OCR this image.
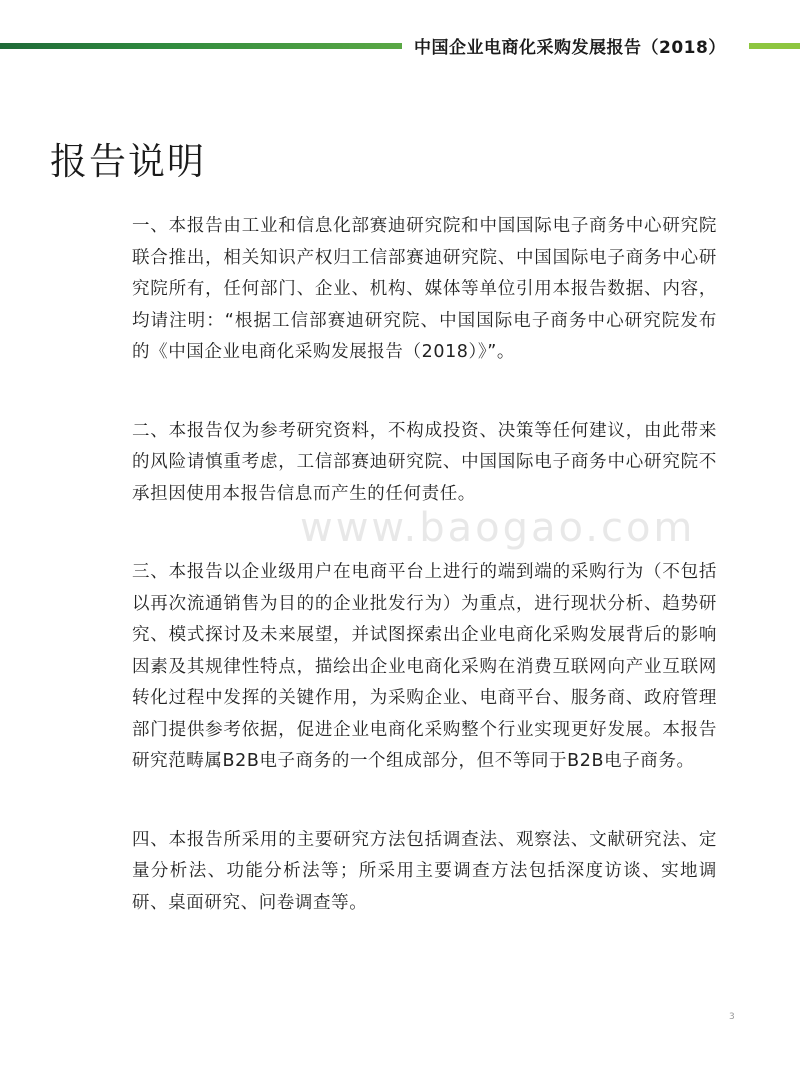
中国企业电商化采购发展报告（2018）
报告说明
www.baogao.com

一、本报告由工业和信息化部赛迪研究院和中国国际电子商务中心研究院联合推出，相关知识产权归工信部赛迪研究院、中国国际电子商务中心研究院所有，任何部门、企业、机构、媒体等单位引用本报告数据、内容，均请注明：“根据工信部赛迪研究院、中国国际电子商务中心研究院发布的《中国企业电商化采购发展报告（2018）》”。

二、本报告仅为参考研究资料，不构成投资、决策等任何建议，由此带来的风险请慎重考虑，工信部赛迪研究院、中国国际电子商务中心研究院不承担因使用本报告信息而产生的任何责任。

三、本报告以企业级用户在电商平台上进行的端到端的采购行为（不包括以再次流通销售为目的的企业批发行为）为重点，进行现状分析、趋势研究、模式探讨及未来展望，并试图探索出企业电商化采购发展背后的影响因素及其规律性特点，描绘出企业电商化采购在消费互联网向产业互联网转化过程中发挥的关键作用，为采购企业、电商平台、服务商、政府管理部门提供参考依据，促进企业电商化采购整个行业实现更好发展。本报告研究范畴属B2B电子商务的一个组成部分，但不等同于B2B电子商务。

四、本报告所采用的主要研究方法包括调查法、观察法、文献研究法、定量分析法、功能分析法等；所采用主要调查方法包括深度访谈、实地调研、桌面研究、问卷调查等。

3
